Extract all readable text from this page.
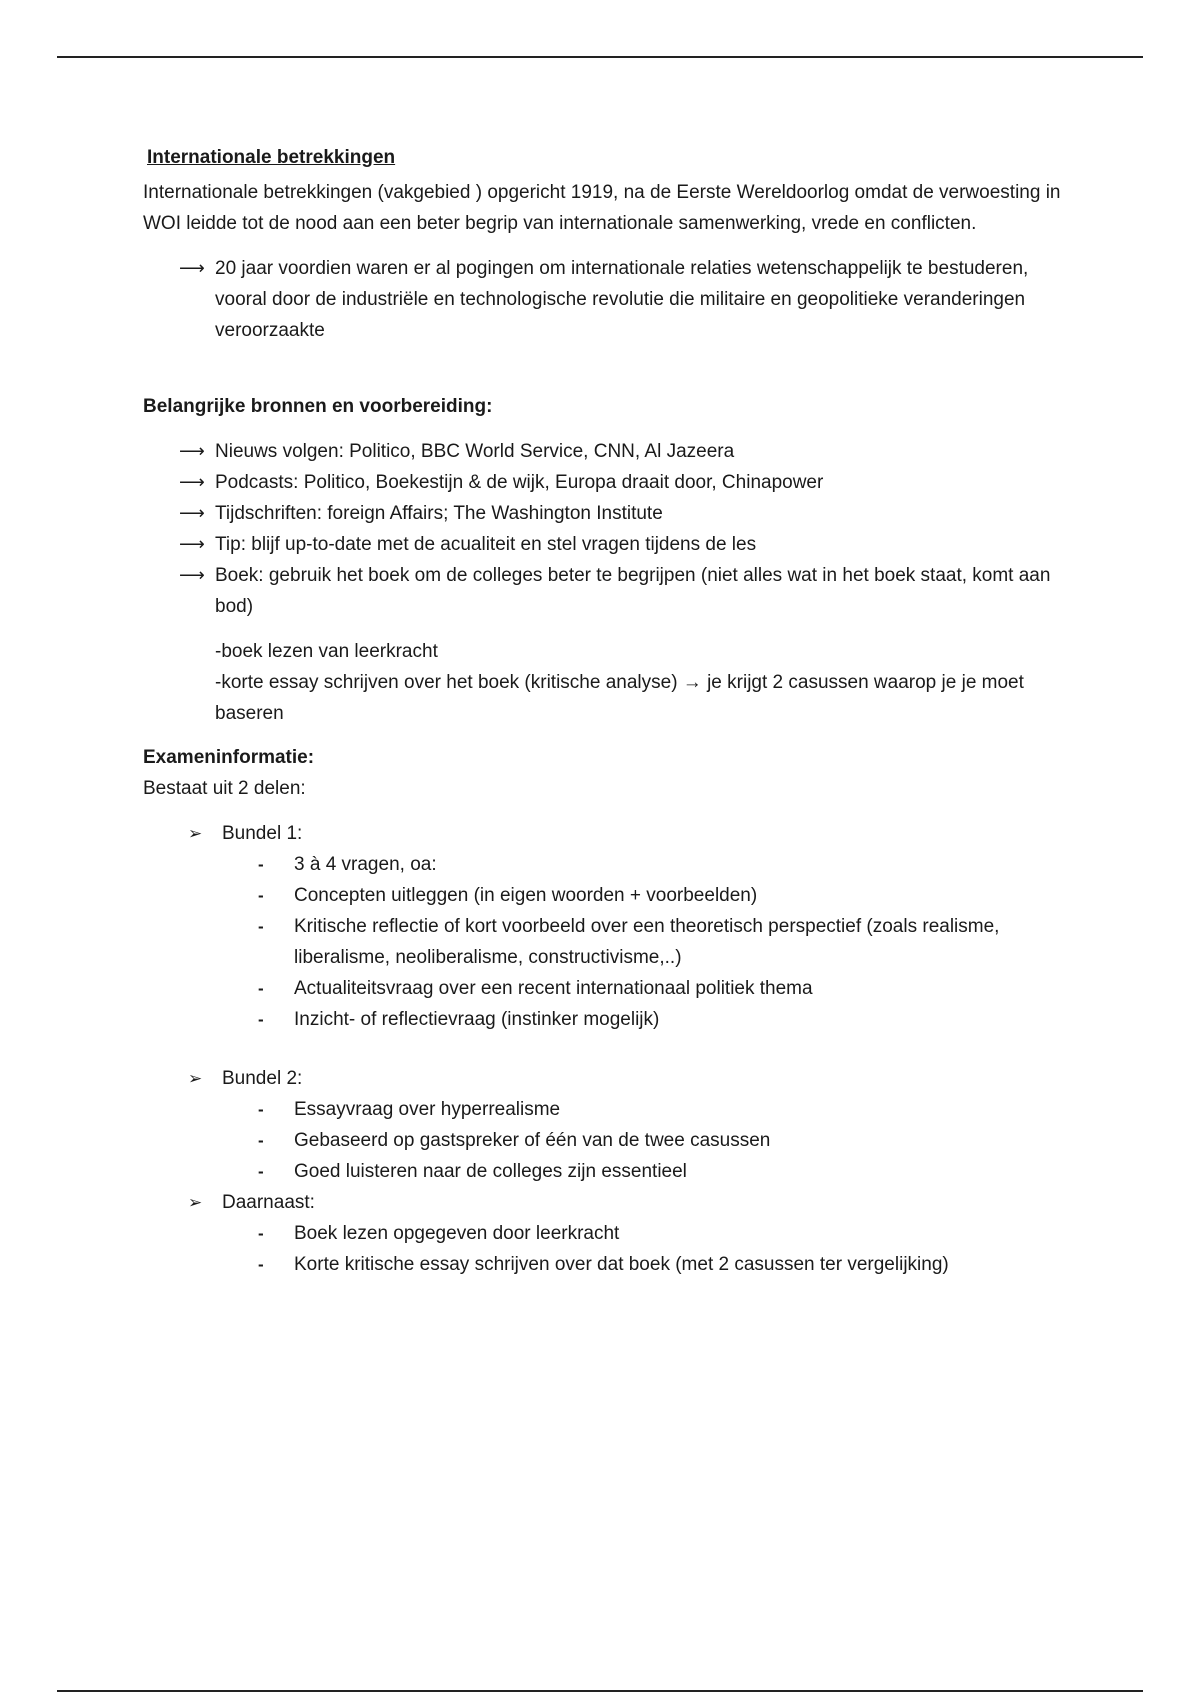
Internationale betrekkingen

Internationale betrekkingen (vakgebied ) opgericht 1919, na de Eerste Wereldoorlog omdat de verwoesting in WOI leidde tot de nood aan een beter begrip van internationale samenwerking, vrede en conflicten.

⟶ 20 jaar voordien waren er al pogingen om internationale relaties wetenschappelijk te bestuderen, vooral door de industriële en technologische revolutie die militaire en geopolitieke veranderingen veroorzaakte

Belangrijke bronnen en voorbereiding:

⟶ Nieuws volgen: Politico, BBC World Service, CNN, Al Jazeera
⟶ Podcasts: Politico, Boekestijn & de wijk, Europa draait door, Chinapower
⟶ Tijdschriften: foreign Affairs; The Washington Institute
⟶ Tip: blijf up-to-date met de acualiteit en stel vragen tijdens de les
⟶ Boek: gebruik het boek om de colleges beter te begrijpen (niet alles wat in het boek staat, komt aan bod)

-boek lezen van leerkracht

-korte essay schrijven over het boek (kritische analyse) → je krijgt 2 casussen waarop je je moet baseren

Exameninformatie:

Bestaat uit 2 delen:

➢ Bundel 1:
- 3 à 4 vragen, oa:
- Concepten uitleggen (in eigen woorden + voorbeelden)
- Kritische reflectie of kort voorbeeld over een theoretisch perspectief (zoals realisme, liberalisme, neoliberalisme, constructivisme,..)
- Actualiteitsvraag over een recent internationaal politiek thema
- Inzicht- of reflectievraag (instinker mogelijk)
➢ Bundel 2:
- Essayvraag over hyperrealisme
- Gebaseerd op gastspreker of één van de twee casussen
- Goed luisteren naar de colleges zijn essentieel
➢ Daarnaast:
- Boek lezen opgegeven door leerkracht
- Korte kritische essay schrijven over dat boek (met 2 casussen ter vergelijking)
